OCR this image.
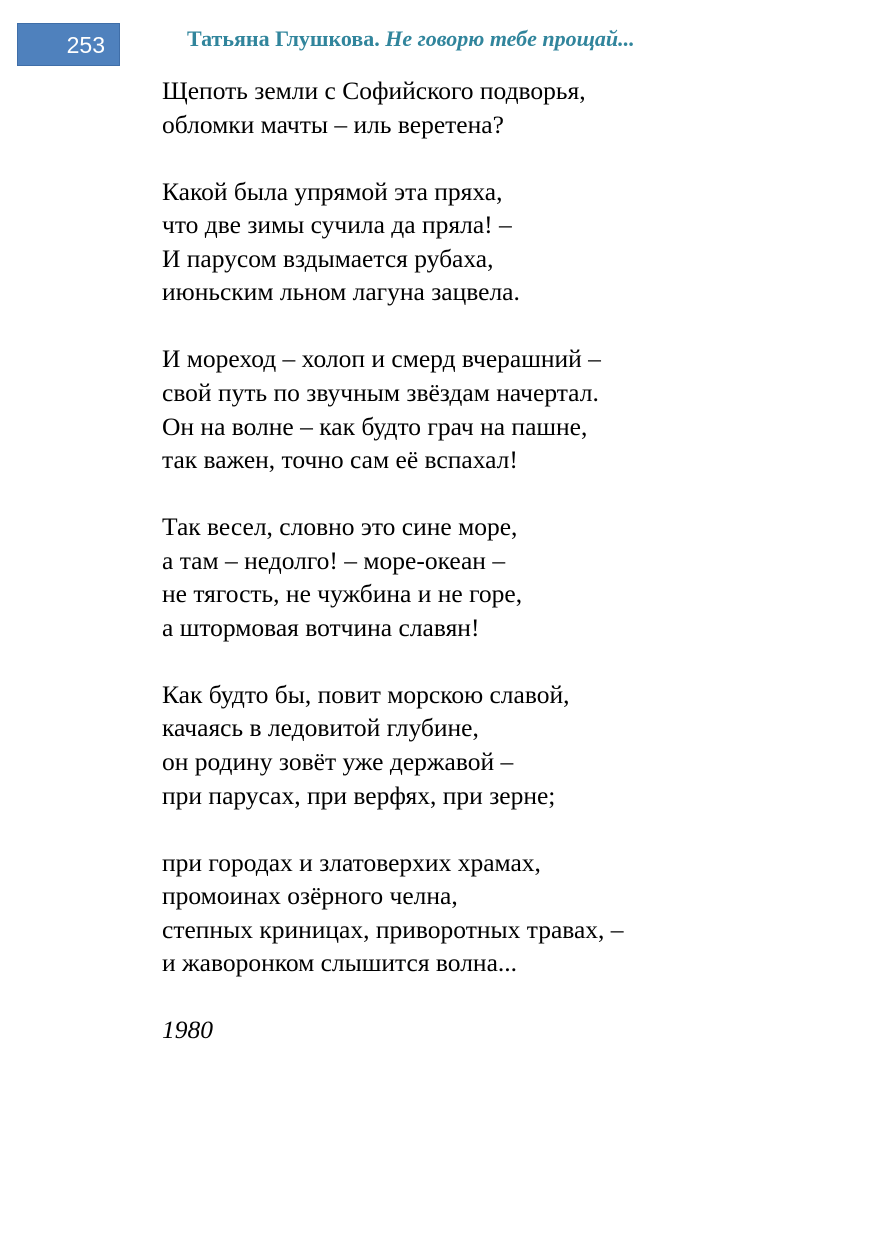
253	Татьяна Глушкова. Не говорю тебе прощай...
Щепоть земли с Софийского подворья,
обломки мачты – иль веретена?
Какой была упрямой эта пряха,
что две зимы сучила да пряла! –
И парусом вздымается рубаха,
июньским льном лагуна зацвела.
И мореход – холоп и смерд вчерашний –
свой путь по звучным звёздам начертал.
Он на волне – как будто грач на пашне,
так важен, точно сам её вспахал!
Так весел, словно это сине море,
а там – недолго! – море-океан –
не тягость, не чужбина и не горе,
а штормовая вотчина славян!
Как будто бы, повит морскою славой,
качаясь в ледовитой глубине,
он родину зовёт уже державой –
при парусах, при верфях, при зерне;
при городах и златоверхих храмах,
промоинах озёрного челна,
степных криницах, приворотных травах, –
и жаворонком слышится волна...
1980
